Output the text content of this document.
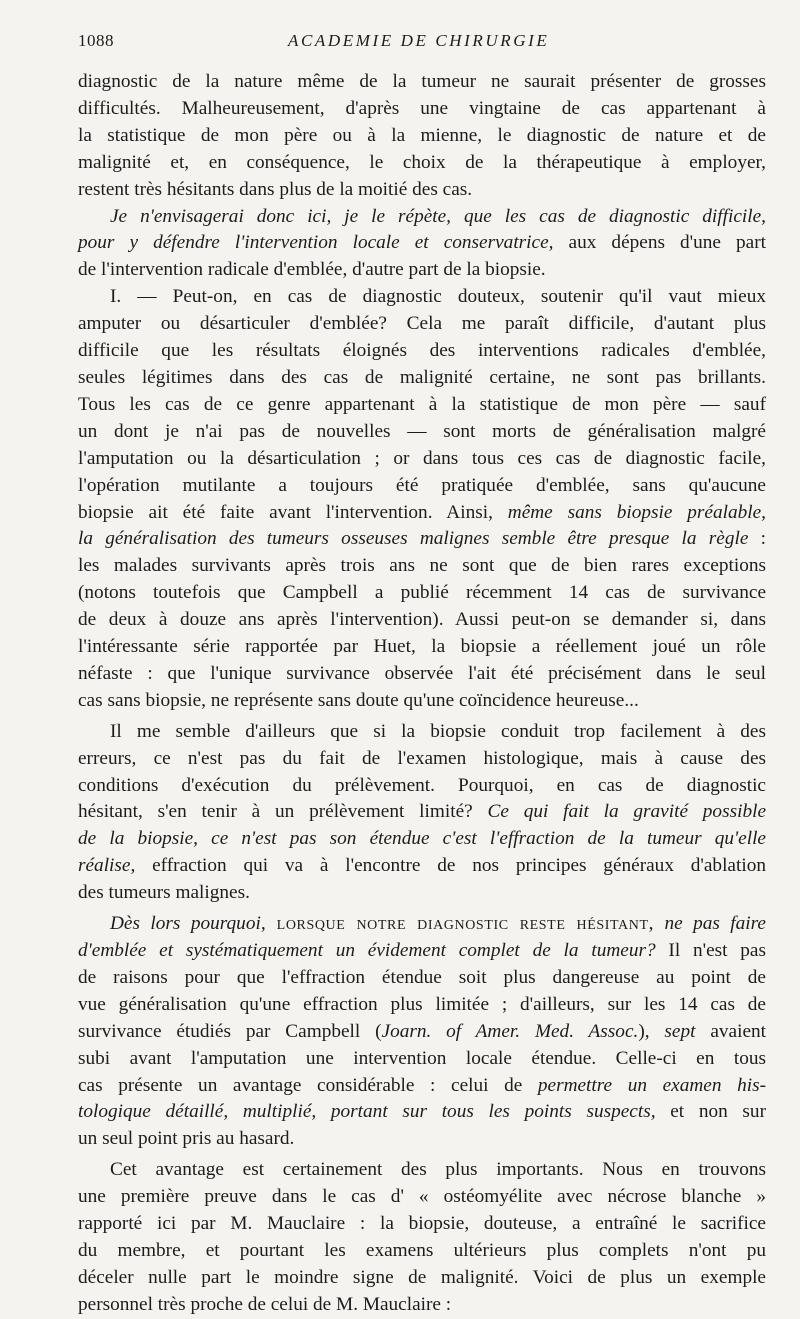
1088	ACADEMIE DE CHIRURGIE

diagnostic de la nature même de la tumeur ne saurait présenter de grosses

difficultés. Malheureusement, d'après une vingtaine de cas appartenant à

la statistique de mon père ou à la mienne, le diagnostic de nature et de

malignité et, en conséquence, le choix de la thérapeutique à employer,

restent très hésitants dans plus de la moitié des cas.

Je n'envisagerai donc ici, je le répète, que les cas de diagnostic difficile,

pour y défendre l'intervention locale et conservatrice, aux dépens d'une part

de l'intervention radicale d'emblée, d'autre part de la biopsie.

I. — Peut-on, en cas de diagnostic douteux, soutenir qu'il vaut mieux

amputer ou désarticuler d'emblée? Cela me paraît difficile, d'autant plus

difficile que les résultats éloignés des interventions radicales d'emblée,

seules légitimes dans des cas de malignité certaine, ne sont pas brillants.

Tous les cas de ce genre appartenant à la statistique de mon père — sauf

un dont je n'ai pas de nouvelles — sont morts de généralisation malgré

l'amputation ou la désarticulation ; or dans tous ces cas de diagnostic facile,

l'opération mutilante a toujours été pratiquée d'emblée, sans qu'aucune

biopsie ait été faite avant l'intervention. Ainsi, même sans biopsie préalable,

la généralisation des tumeurs osseuses malignes semble être presque la règle :

les malades survivants après trois ans ne sont que de bien rares exceptions

(notons toutefois que Campbell a publié récemment 14 cas de survivance

de deux à douze ans après l'intervention). Aussi peut-on se demander si, dans

l'intéressante série rapportée par Huet, la biopsie a réellement joué un rôle

néfaste : que l'unique survivance observée l'ait été précisément dans le seul

cas sans biopsie, ne représente sans doute qu'une coïncidence heureuse...

Il me semble d'ailleurs que si la biopsie conduit trop facilement à des

erreurs, ce n'est pas du fait de l'examen histologique, mais à cause des

conditions d'exécution du prélèvement. Pourquoi, en cas de diagnostic

hésitant, s'en tenir à un prélèvement limité? Ce qui fait la gravité possible

de la biopsie, ce n'est pas son étendue c'est l'effraction de la tumeur qu'elle

réalise, effraction qui va à l'encontre de nos principes généraux d'ablation

des tumeurs malignes.

Dès lors pourquoi, lorsque notre diagnostic reste hésitant, ne pas faire

d'emblée et systématiquement un évidement complet de la tumeur? Il n'est pas

de raisons pour que l'effraction étendue soit plus dangereuse au point de

vue généralisation qu'une effraction plus limitée ; d'ailleurs, sur les 14 cas de

survivance étudiés par Campbell (Joarn. of Amer. Med. Assoc.), sept avaient

subi avant l'amputation une intervention locale étendue. Celle-ci en tous

cas présente un avantage considérable : celui de permettre un examen his-

tologique détaillé, multiplié, portant sur tous les points suspects, et non sur

un seul point pris au hasard.

Cet avantage est certainement des plus importants. Nous en trouvons

une première preuve dans le cas d' « ostéomyélite avec nécrose blanche »

rapporté ici par M. Mauclaire : la biopsie, douteuse, a entraîné le sacrifice

du membre, et pourtant les examens ultérieurs plus complets n'ont pu

déceler nulle part le moindre signe de malignité. Voici de plus un exemple

personnel très proche de celui de M. Mauclaire :
